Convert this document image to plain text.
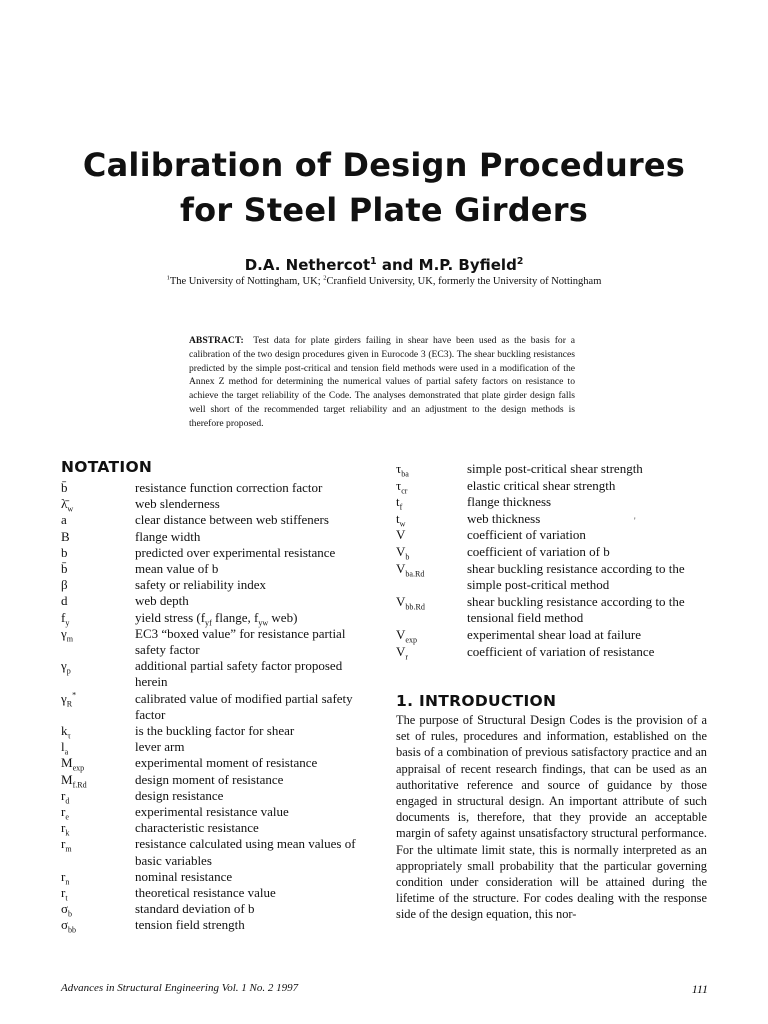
Calibration of Design Procedures
for Steel Plate Girders
D.A. Nethercot$^1$ and M.P. Byfield$^2$
$^1$The University of Nottingham, UK; $^2$Cranfield University, UK, formerly the University of Nottingham
ABSTRACT: Test data for plate girders failing in shear have been used as the basis for a calibration of the two design procedures given in Eurocode 3 (EC3). The shear buckling resistances predicted by the simple post-critical and tension field methods were used in a modification of the Annex Z method for determining the numerical values of partial safety factors on resistance to achieve the target reliability of the Code. The analyses demonstrated that plate girder design falls well short of the recommended target reliability and an adjustment to the design methods is therefore proposed.
NOTATION
b̄	resistance function correction factor
$\lambdā_w$	web slenderness
a	clear distance between web stiffeners
B	flange width
b	predicted over experimental resistance
b̄	mean value of b
β	safety or reliability index
d	web depth
$f_y$	yield stress ($f_{yf}$ flange, $f_{yw}$ web)
$\gamma_m$	EC3 “boxed value” for resistance partial
safety factor
$\gamma_p$	additional partial safety factor proposed
herein
$\gamma_R^*$	calibrated value of modified partial safety
factor
$k_\tau$	is the buckling factor for shear
$l_a$	lever arm
$M_{exp}$	experimental moment of resistance
$M_{f.Rd}$	design moment of resistance
$r_d$	design resistance
$r_e$	experimental resistance value
$r_k$	characteristic resistance
$r_m$	resistance calculated using mean values of
basic variables
$r_n$	nominal resistance
$r_t$	theoretical resistance value
$\sigma_b$	standard deviation of b
$\sigma_{bb}$	tension field strength
$\tau_{ba}$	simple post-critical shear strength
$\tau_{cr}$	elastic critical shear strength
$t_f$	flange thickness
$t_w$	web thickness
V	coefficient of variation
$V_b$	coefficient of variation of b
$V_{ba.Rd}$	shear buckling resistance according to the
simple post-critical method
$V_{bb.Rd}$	shear buckling resistance according to the
tensional field method
$V_{exp}$	experimental shear load at failure
$V_r$	coefficient of variation of resistance
'
1. INTRODUCTION
The purpose of Structural Design Codes is the provision of a set of rules, procedures and information, established on the basis of a combination of previous satisfactory practice and an appraisal of recent research findings, that can be used as an authoritative reference and source of guidance by those engaged in structural design. An important attribute of such documents is, therefore, that they provide an acceptable margin of safety against unsatisfactory structural performance. For the ultimate limit state, this is normally interpreted as an appropriately small probability that the particular governing condition under consideration will be attained during the lifetime of the structure. For codes dealing with the response side of the design equation, this nor-
Advances in Structural Engineering Vol. 1 No. 2 1997	111
